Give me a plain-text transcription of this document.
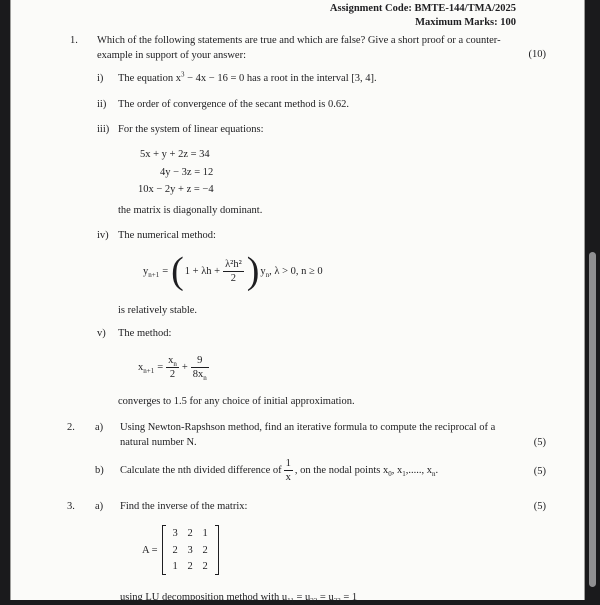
Assignment Code: BMTE-144/TMA/2025
Maximum Marks: 100
1.	Which of the following statements are true and which are false? Give a short proof or a counter-
example in support of your answer:	(10)
i)	The equation $x^3 - 4x - 16 = 0$ has a root in the interval [3, 4].
ii)	The order of convergence of the secant method is 0.62.
iii) For the system of linear equations:
5x + y + 2z = 34
4y − 3z = 12
10x − 2y + z = −4
the matrix is diagonally dominant.
iv) The numerical method:
$y_{n+1}$ = ( $1 + \lambda h + \frac{\text{λ²h²}}{2}$ ) $y_n$, λ > 0, n ≥ 0
is relatively stable.
v)	The method:
$x_{n+1} = \frac{x_n}{2} + \frac{9}{8x_n}$
converges to 1.5 for any choice of initial approximation.
2.	a)	Using Newton-Rapshson method, find an iterative formula to compute the reciprocal of a
natural number N.	(5)
b)	Calculate the nth divided difference of $\frac{1}{x}$ , on the nodal points $x_0$, $x_1$,....., $x_n$.	(5)
3.	a)	Find the inverse of the matrix:	(5)
A =
3 2 1
2 3 2
1 2 2
using LU decomposition method with $u_{11} = u_{22} = u_{33} = 1$
